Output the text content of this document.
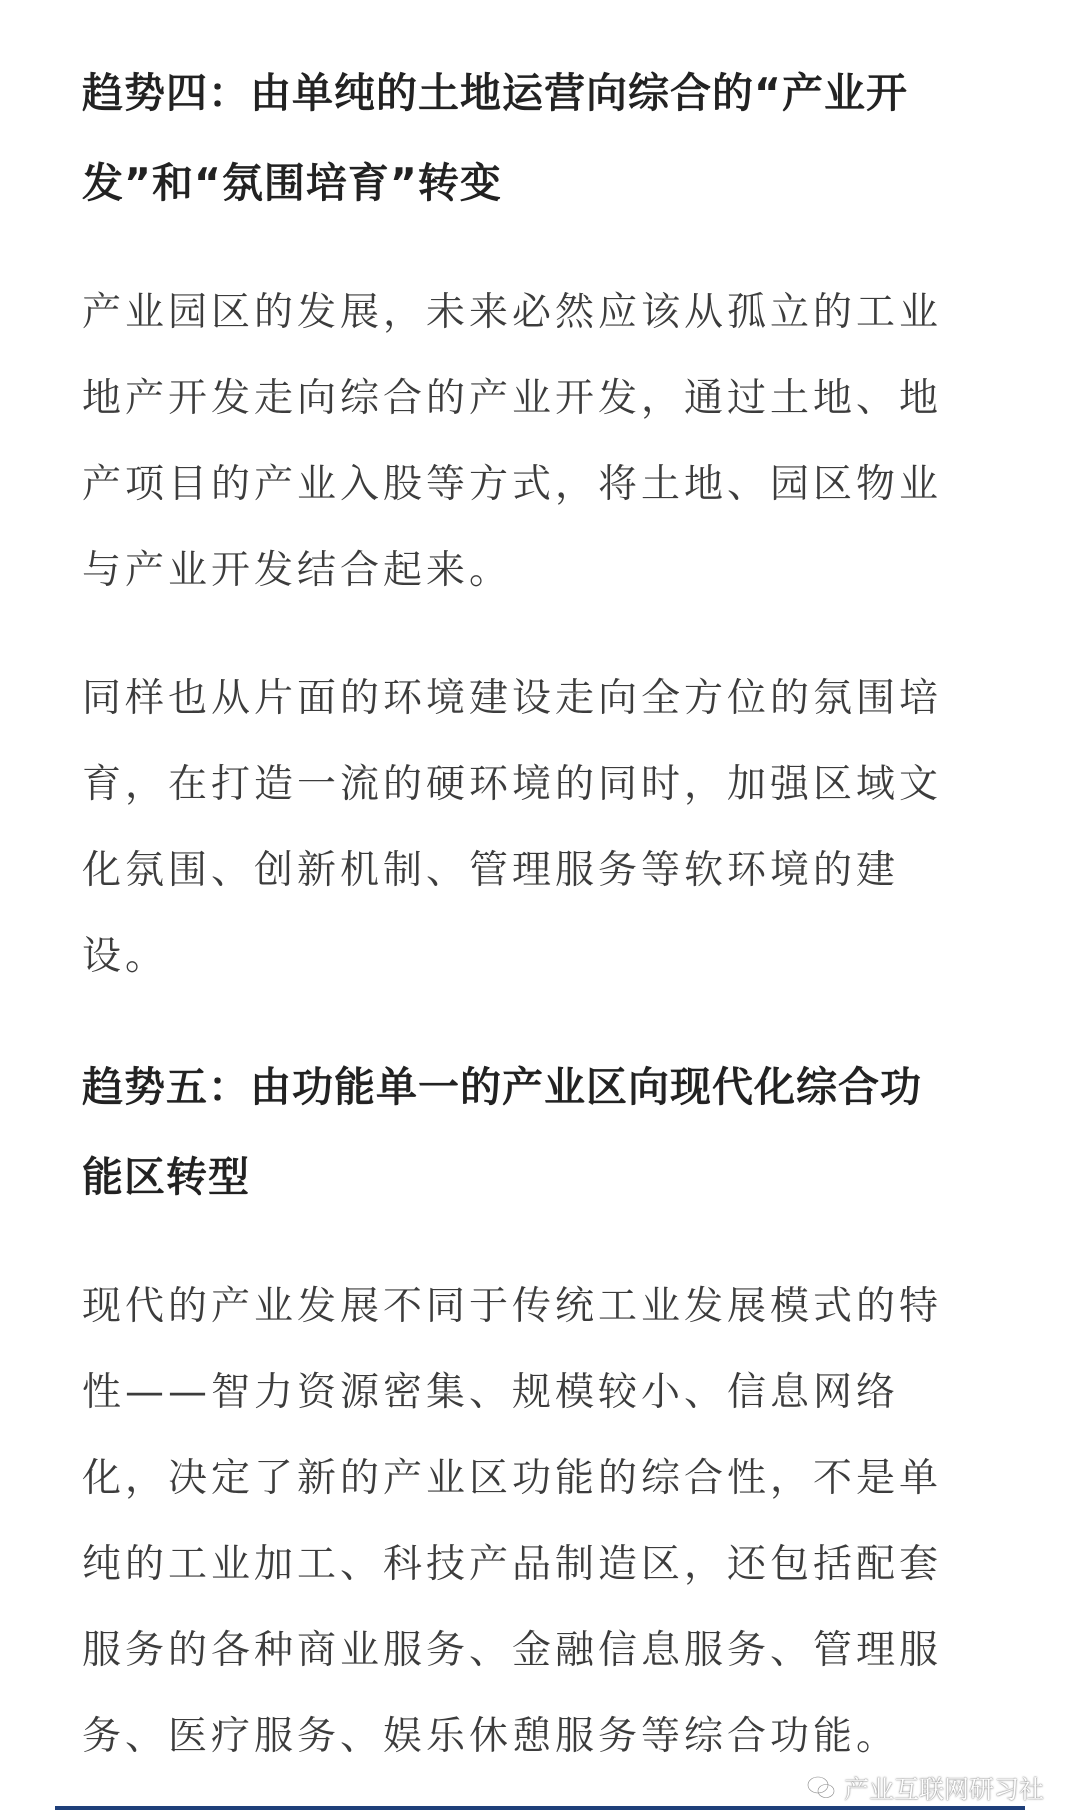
趋势四：由单纯的土地运营向综合的“产业开
发”和“氛围培育”转变
产业园区的发展，未来必然应该从孤立的工业
地产开发走向综合的产业开发，通过土地、地
产项目的产业入股等方式，将土地、园区物业
与产业开发结合起来。
同样也从片面的环境建设走向全方位的氛围培
育，在打造一流的硬环境的同时，加强区域文
化氛围、创新机制、管理服务等软环境的建
设。
趋势五：由功能单一的产业区向现代化综合功
能区转型
现代的产业发展不同于传统工业发展模式的特
性——智力资源密集、规模较小、信息网络
化，决定了新的产业区功能的综合性，不是单
纯的工业加工、科技产品制造区，还包括配套
服务的各种商业服务、金融信息服务、管理服
务、医疗服务、娱乐休憩服务等综合功能。
产业互联网研习社
